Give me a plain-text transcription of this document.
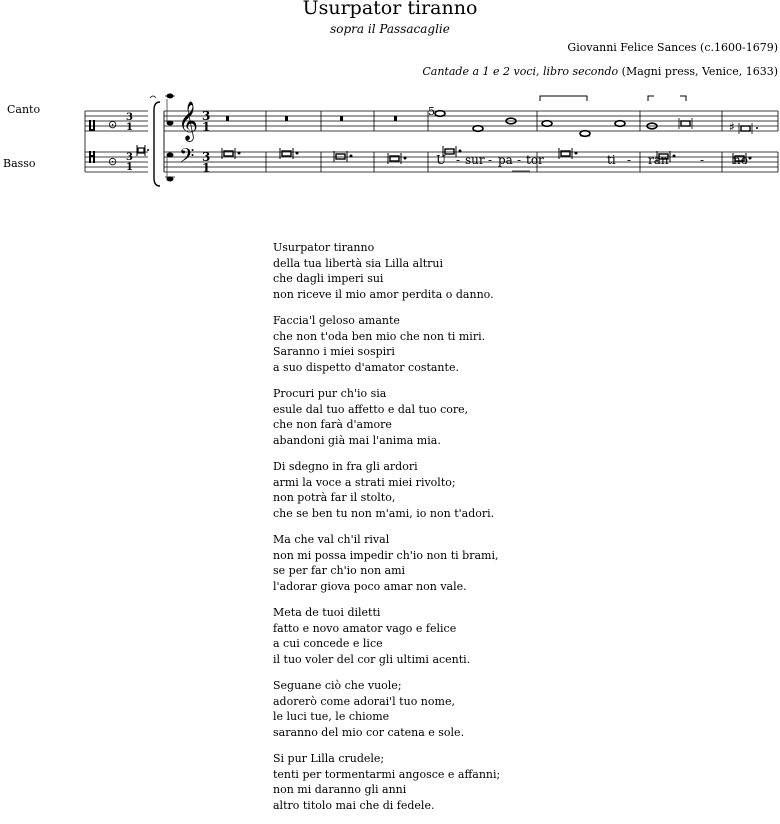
Usurpator tiranno
sopra il Passacaglie
Giovanni Felice Sances (c.1600-1679)
Cantade a 1 e 2 voci, libro secondo (Magni press, Venice, 1633)
Canto
Basso
5
⊙
⊙
3
1
3
1
𝄞
𝄢
3
1
3
1
♯
U - sur - pa - tor	ti - ran	- no
Usurpator tiranno
della tua libertà sia Lilla altrui
che dagli imperi sui
non riceve il mio amor perdita o danno.
Faccia'l geloso amante
che non t'oda ben mio che non ti miri.
Saranno i miei sospiri
a suo dispetto d'amator costante.
Procuri pur ch'io sia
esule dal tuo affetto e dal tuo core,
che non farà d'amore
abandoni già mai l'anima mia.
Di sdegno in fra gli ardori
armi la voce a strati miei rivolto;
non potrà far il stolto,
che se ben tu non m'ami, io non t'adori.
Ma che val ch'il rival
non mi possa impedir ch'io non ti brami,
se per far ch'io non ami
l'adorar giova poco amar non vale.
Meta de tuoi diletti
fatto e novo amator vago e felice
a cui concede e lice
il tuo voler del cor gli ultimi acenti.
Seguane ciò che vuole;
adorerò come adorai'l tuo nome,
le luci tue, le chiome
saranno del mio cor catena e sole.
Si pur Lilla crudele;
tenti per tormentarmi angosce e affanni;
non mi daranno gli anni
altro titolo mai che di fedele.
